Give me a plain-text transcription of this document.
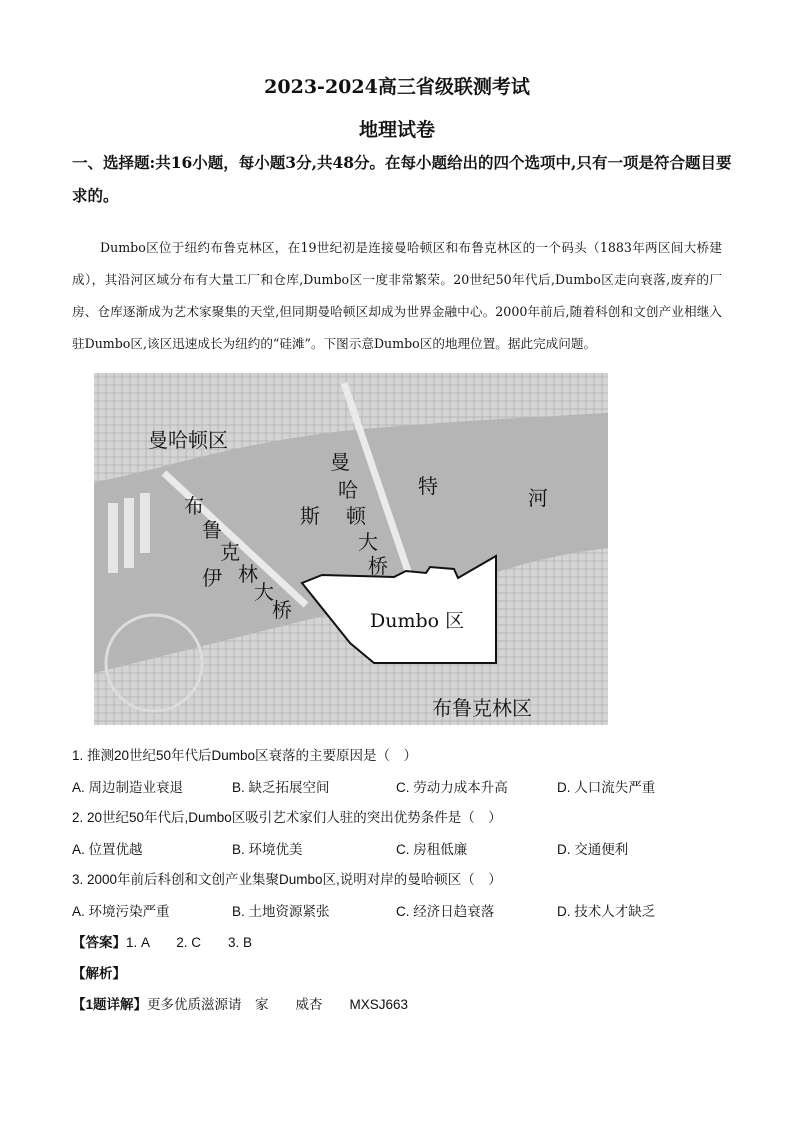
2023-2024高三省级联测考试
地理试卷
一、选择题:共16小题，每小题3分,共48分。在每小题给出的四个选项中,只有一项是符合题目要求的。

Dumbo区位于纽约布鲁克林区，在19世纪初是连接曼哈顿区和布鲁克林区的一个码头（1883年两区间大桥建成），其沿河区域分布有大量工厂和仓库,Dumbo区一度非常繁荣。20世纪50年代后,Dumbo区走向衰落,废弃的厂房、仓库逐渐成为艺术家聚集的天堂,但同期曼哈顿区却成为世界金融中心。2000年前后,随着科创和文创产业相继入驻Dumbo区,该区迅速成长为纽约的“硅滩”。下图示意Dumbo区的地理位置。据此完成问题。

曼哈顿区
曼
哈
顿
大
桥
布
鲁
克
林
大
桥
伊
斯
特	河
Dumbo 区
布鲁克林区
1. 推测20世纪50年代后Dumbo区衰落的主要原因是（　）
A. 周边制造业衰退	B. 缺乏拓展空间	C. 劳动力成本升高	D. 人口流失严重
2. 20世纪50年代后,Dumbo区吸引艺术家们人驻的突出优势条件是（　）
A. 位置优越	B. 环境优美	C. 房租低廉	D. 交通便利
3. 2000年前后科创和文创产业集聚Dumbo区,说明对岸的曼哈顿区（　）
A. 环境污染严重	B. 土地资源紧张	C. 经济日趋衰落	D. 技术人才缺乏
【答案】1. A　　2. C　　3. B
【解析】
【1题详解】更多优质滋源请　家　　威杏　　MXSJ663
